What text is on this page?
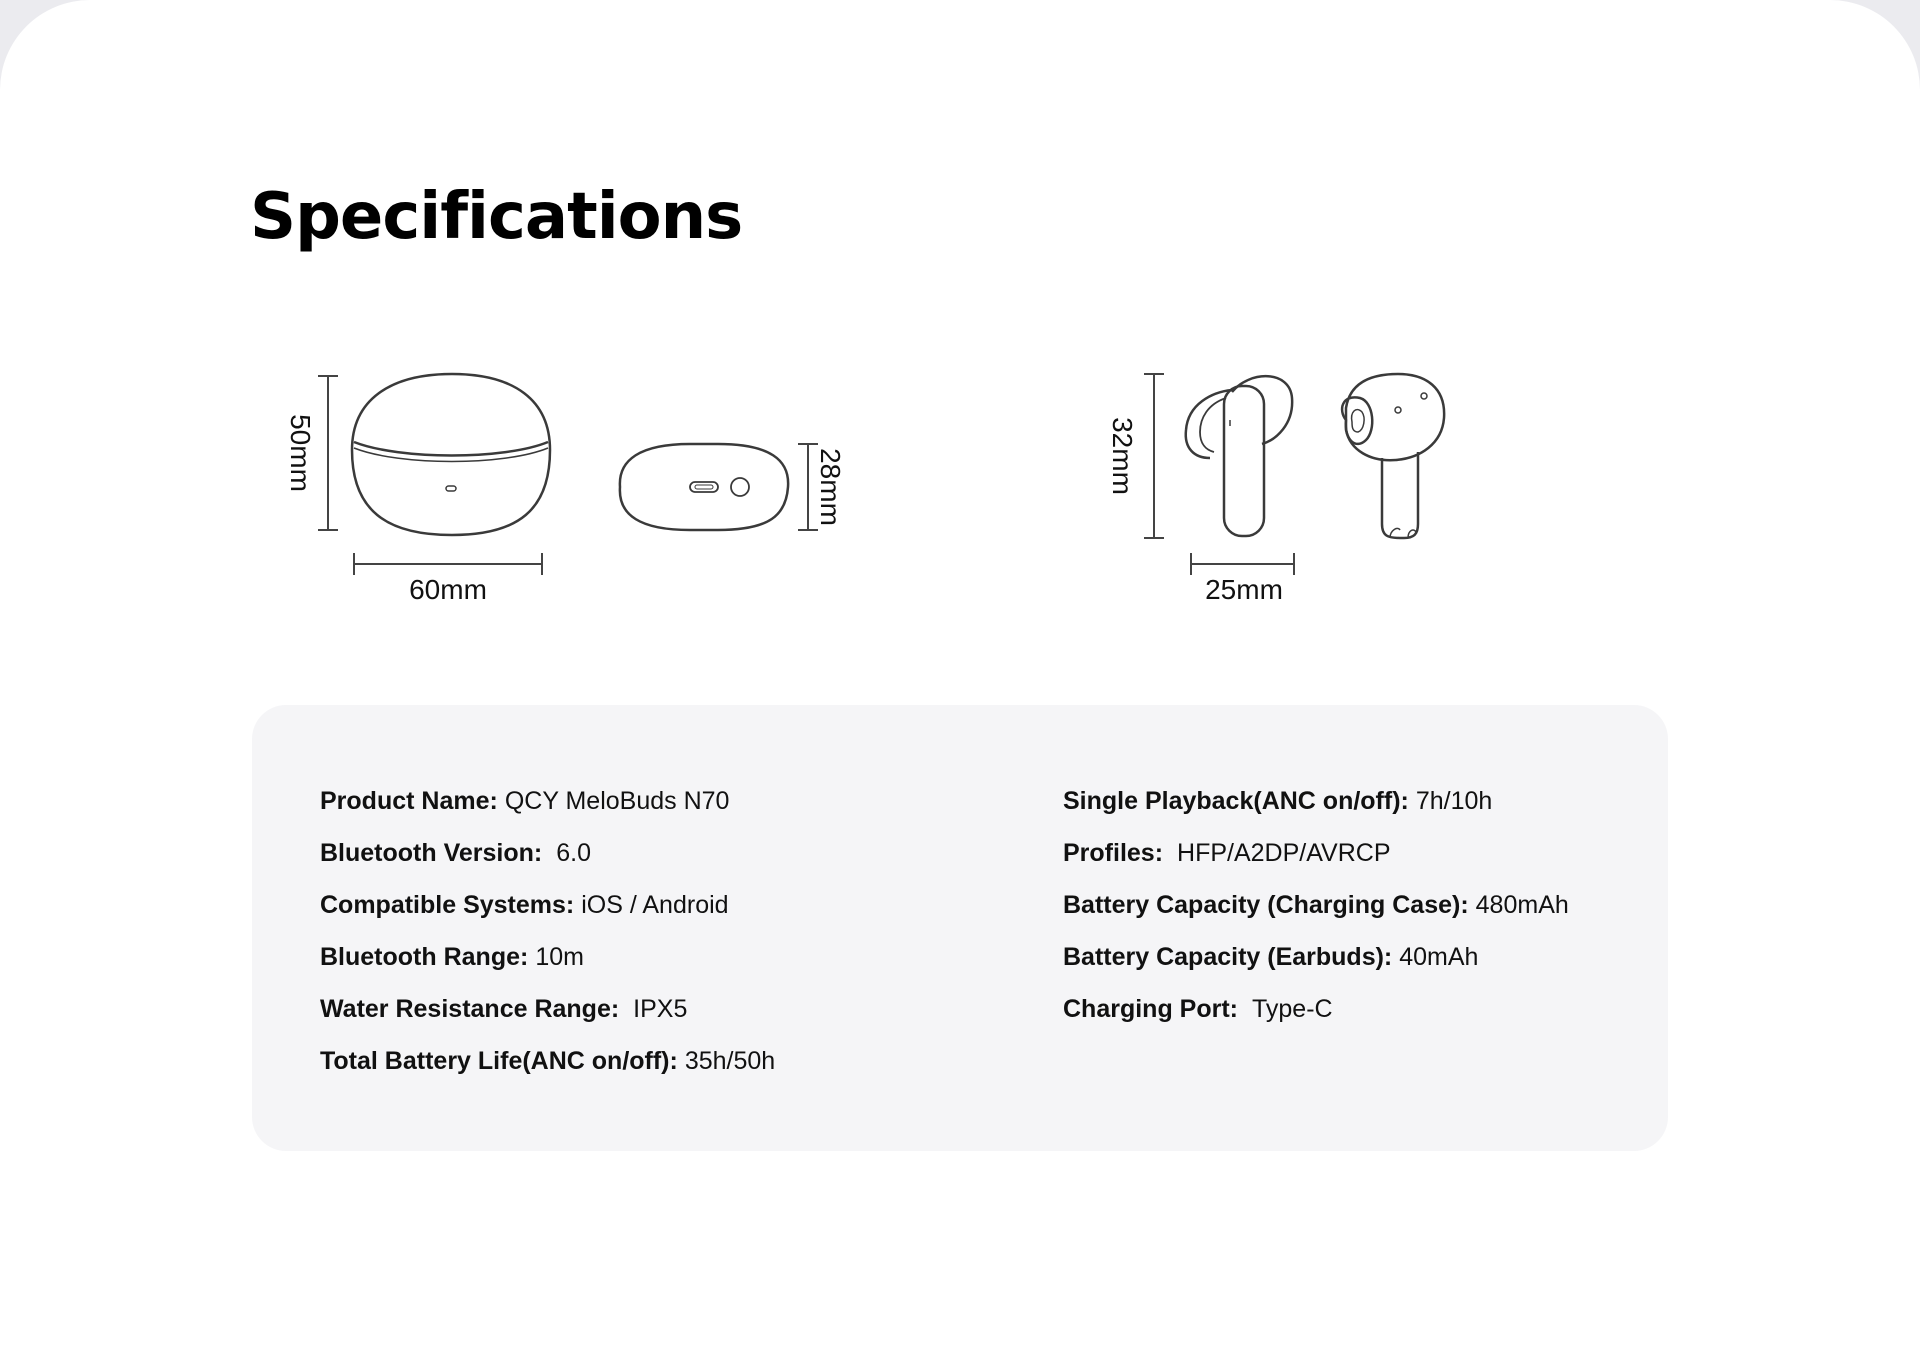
Specifications
50mm
60mm
28mm	32mm
25mm
Product Name: QCY MeloBuds N70
Bluetooth Version: 6.0
Compatible Systems: iOS / Android
Bluetooth Range: 10m
Water Resistance Range: IPX5
Total Battery Life(ANC on/off): 35h/50h
Single Playback(ANC on/off): 7h/10h
Profiles: HFP/A2DP/AVRCP
Battery Capacity (Charging Case): 480mAh
Battery Capacity (Earbuds): 40mAh
Charging Port: Type-C
